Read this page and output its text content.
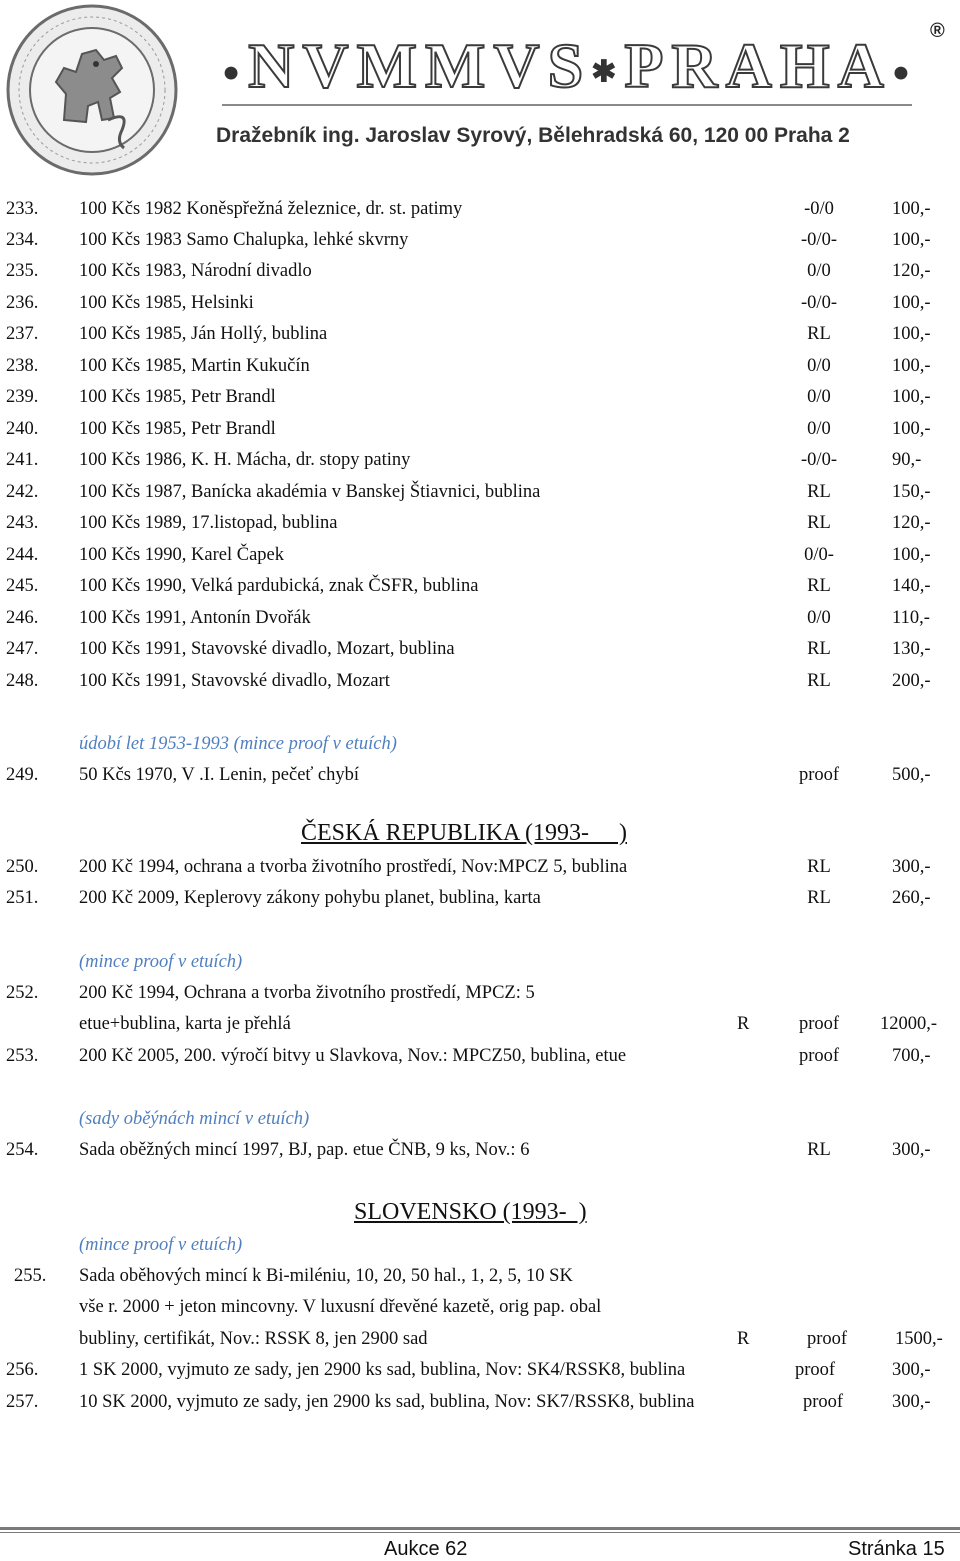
●NVMMVS✱PRAHA●
®
Dražebník ing. Jaroslav Syrový, Bělehradská 60, 120 00 Praha 2
233. 100 Kčs 1982 Koněspřežná železnice, dr. st. patimy	-0/0	100,-
234. 100 Kčs 1983 Samo Chalupka, lehké skvrny	-0/0-	100,-
235. 100 Kčs 1983, Národní divadlo	0/0	120,-
236. 100 Kčs 1985, Helsinki	-0/0-	100,-
237. 100 Kčs 1985, Ján Hollý, bublina	RL	100,-
238. 100 Kčs 1985, Martin Kukučín	0/0	100,-
239. 100 Kčs 1985, Petr Brandl	0/0	100,-
240. 100 Kčs 1985, Petr Brandl	0/0	100,-
241. 100 Kčs 1986, K. H. Mácha, dr. stopy patiny	-0/0-	90,-
242. 100 Kčs 1987, Banícka akadémia v Banskej Štiavnici, bublina	RL	150,-
243. 100 Kčs 1989, 17.listopad, bublina	RL	120,-
244. 100 Kčs 1990, Karel Čapek	0/0-	100,-
245. 100 Kčs 1990, Velká pardubická, znak ČSFR, bublina	RL	140,-
246. 100 Kčs 1991, Antonín Dvořák	0/0	110,-
247. 100 Kčs 1991, Stavovské divadlo, Mozart, bublina	RL	130,-
248. 100 Kčs 1991, Stavovské divadlo, Mozart	RL	200,-
údobí let 1953-1993 (mince proof v etuích)
249. 50 Kčs 1970, V .I. Lenin, pečeť chybí	proof	500,-
ČESKÁ REPUBLIKA (1993-     )
250. 200 Kč 1994, ochrana a tvorba životního prostředí, Nov:MPCZ 5, bublina	RL	300,-
251. 200 Kč 2009, Keplerovy zákony pohybu planet, bublina, karta	RL	260,-
(mince proof v etuích)
252. 200 Kč 1994, Ochrana a tvorba životního prostředí, MPCZ: 5
etue+bublina, karta je přehlá	R	proof	12000,-
253. 200 Kč 2005, 200. výročí bitvy u Slavkova, Nov.: MPCZ50, bublina, etue	proof	700,-
(sady oběýnách mincí v etuích)
254. Sada oběžných mincí 1997, BJ, pap. etue ČNB, 9 ks, Nov.: 6	RL	300,-
SLOVENSKO (1993-  )
(mince proof v etuích)
255. Sada oběhových mincí k Bi-miléniu, 10, 20, 50 hal., 1, 2, 5, 10 SK
vše r. 2000 + jeton mincovny. V luxusní dřevěné kazetě, orig pap. obal
bubliny, certifikát, Nov.: RSSK 8, jen 2900 sad	R	proof	1500,-
256. 1 SK 2000, vyjmuto ze sady, jen 2900 ks sad, bublina, Nov: SK4/RSSK8, bublina	proof	300,-
257. 10 SK 2000, vyjmuto ze sady, jen 2900 ks sad, bublina, Nov: SK7/RSSK8, bublina	proof	300,-
Aukce 62	Stránka 15
